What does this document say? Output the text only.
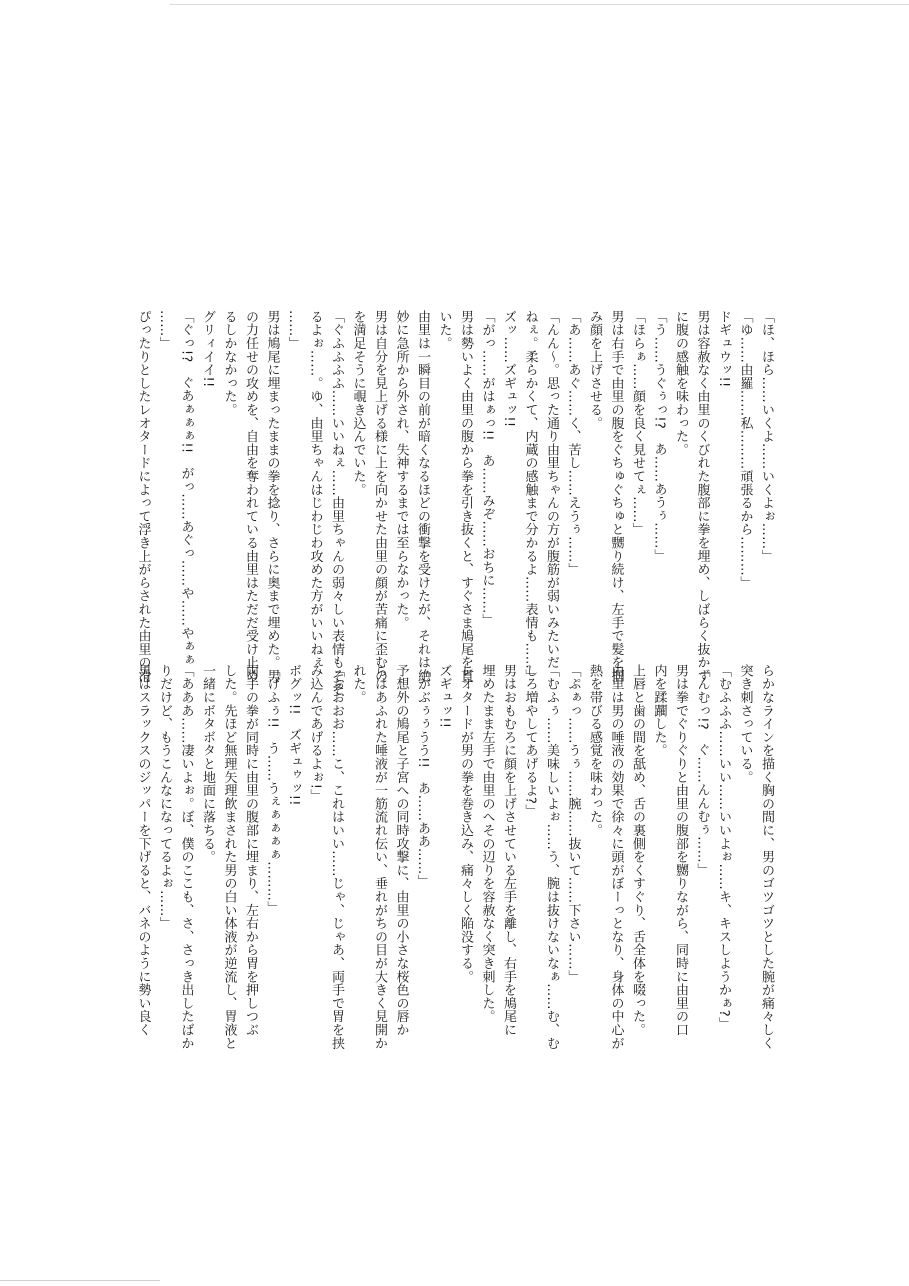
「ほ、ほら……いくよ……いくよぉ……」
「ゆ……由羅……私………頑張るから………」
ドギュウッ!!
男は容赦なく由里のくびれた腹部に拳を埋め、しばらく抜かず
に腹の感触を味わった。
「う……うぐぅっ!?　あ……あうぅ……」
「ほらぁ……顔を良く見せてぇ……」
男は右手で由里の腹をぐちゅぐちゅと嬲り続け、左手で髪を掴
み顔を上げさせる。
「あ……あぐ……く、苦し……えうぅ……」
「んん～。思った通り由里ちゃんの方が腹筋が弱いみたいだ
ねぇ。柔らかくて、内蔵の感触まで分かるよ……表情も……」
ズッ……ズギュッ!!
「がっ……がはぁっ!!　あ……みぞ……おちに……」
男は勢いよく由里の腹から拳を引き抜くと、すぐさま鳩尾を貫
いた。
由里は一瞬目の前が暗くなるほどの衝撃を受けたが、それは絶
妙に急所から外され、失神するまでは至らなかった。
男は自分を見上げる様に上を向かせた由里の顔が苦痛に歪むの
を満足そうに覗き込んでいた。
「ぐふふふふ……いいねぇ……由里ちゃんの弱々しい表情もそそ
るよぉ……。ゆ、由里ちゃんはじわじわ攻めた方がいいねぇ
……」
男は鳩尾に埋まったままの拳を捻り、さらに奥まで埋めた。男
の力任せの攻めを、自由を奪われている由里はただだ受け止め
るしかなかった。
グリィイイ!!
「ぐっ!?　ぐあぁぁぁ!!　がっ……あぐっ……や……やぁぁ
……」
ぴったりとしたレオタードによって浮き上がらされた由里の滑
らかなラインを描く胸の間に、男のゴツゴツとした腕が痛々しく
突き刺さっている。
「むふふふ……いい……いいよぉ……キ、キスしようかぁ?」
「んむっ!?　ぐ……んんむぅ……」
男は拳でぐりぐりと由里の腹部を嬲りながら、同時に由里の口
内を蹂躙した。
上唇と歯の間を舐め、舌の裏側をくすぐり、舌全体を啜った。
由里は男の唾液の効果で徐々に頭がぼーっとなり、身体の中心が
熱を帯びる感覚を味わった。
「ぷぁっ……うぅ……腕……抜いて……下さい……」
「むふぅ……美味しいよぉ……う、腕は抜けないなぁ……む、む
しろ増やしてあげるよ?」
男はおもむろに顔を上げさせている左手を離し、右手を鳩尾に
埋めたまま左手で由里のへその辺りを容赦なく突き刺した。
レオタードが男の拳を巻き込み、痛々しく陥没する。
ズギュッ!!
「がぶぅぅうう!!　あ……ああ……」
予想外の鳩尾と子宮への同時攻撃に、由里の小さな桜色の唇か
らはあふれた唾液が一筋流れ伝い、垂れがちの目が大きく見開か
れた。
「おおおお……こ、これはいい……じゃ、じゃあ、両手で胃を挟
み込んであげるよぉ!」
ボグッ!!　ズギュゥッ!!
「げふぅ!!　う……うぇぁぁぁぁ………」
両手の拳が同時に由里の腹部に埋まり、左右から胃を押しつぶ
した。先ほど無理矢理飲まされた男の白い体液が逆流し、胃液と
一緒にボタボタと地面に落ちる。
「あああ……凄いよぉ。ぼ、僕のここも、さ、さっき出したばか
りだけど、もうこんなになってるよぉ……」
男はスラックスのジッパーを下げると、バネのように勢い良く
